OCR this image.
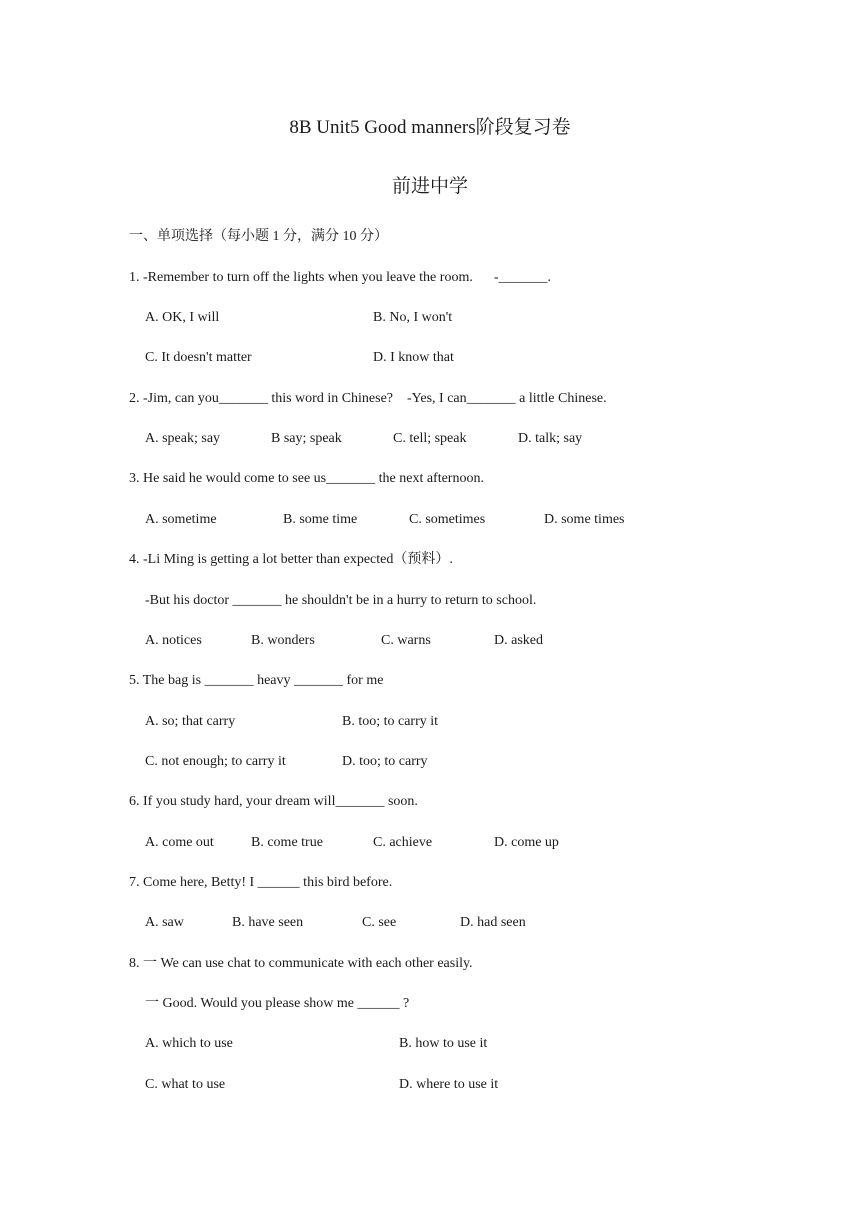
8B Unit5 Good manners阶段复习卷
前进中学
一、单项选择（每小题 1 分，满分 10 分）
1. -Remember to turn off the lights when you leave the room.      -_______.
A. OK, I will	B. No, I won't
C. It doesn't matter	D. I know that
2. -Jim, can you_______ this word in Chinese?    -Yes, I can_______ a little Chinese.
A. speak; say	B say; speak	C. tell; speak	D. talk; say
3. He said he would come to see us_______ the next afternoon.
A. sometime	B. some time	C. sometimes	D. some times
4. -Li Ming is getting a lot better than expected（预料）.
-But his doctor _______ he shouldn't be in a hurry to return to school.
A. notices	B. wonders	C. warns	D. asked
5. The bag is _______ heavy _______ for me
A. so; that carry	B. too; to carry it
C. not enough; to carry it	D. too; to carry
6. If you study hard, your dream will_______ soon.
A. come out	B. come true	C. achieve	D. come up
7. Come here, Betty! I ______ this bird before.
A. saw	B. have seen	C. see	D. had seen
8. 一 We can use chat to communicate with each other easily.
一 Good. Would you please show me ______ ?
A. which to use	B. how to use it
C. what to use	D. where to use it
